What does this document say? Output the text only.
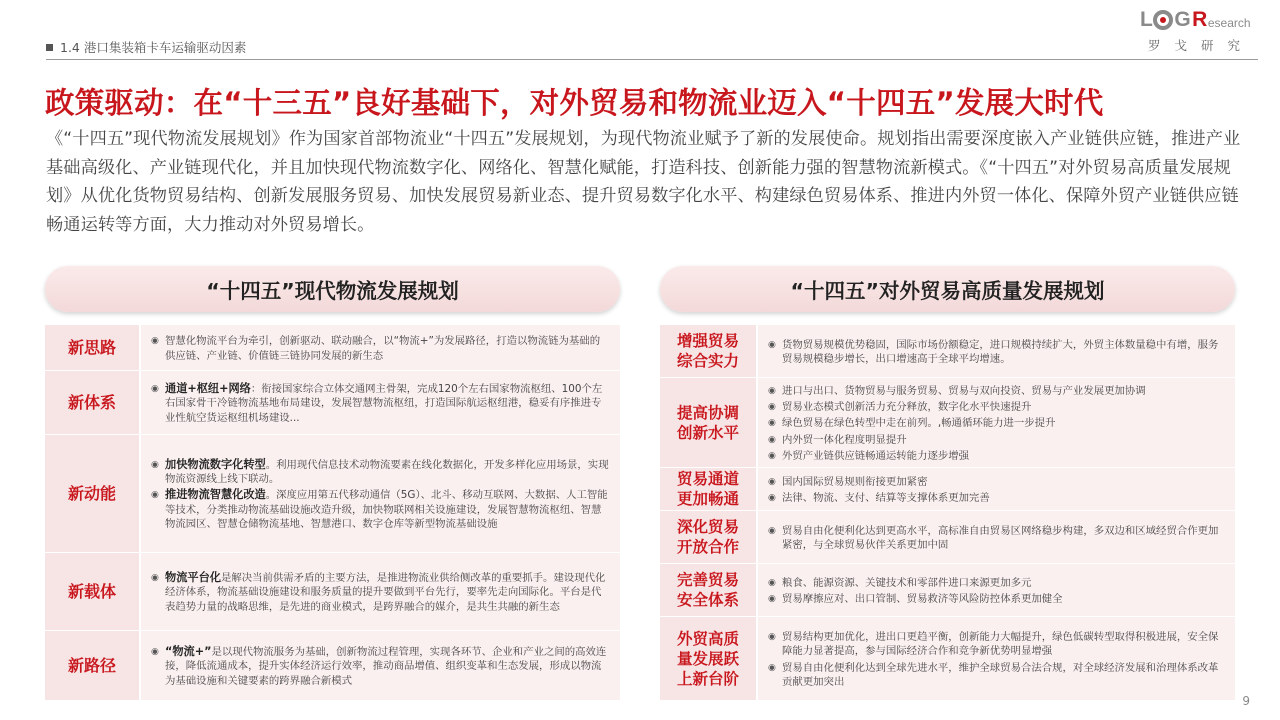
1.4 港口集装箱卡车运输驱动因素
L G R esearch
罗戈研究
政策驱动：在“十三五”良好基础下，对外贸易和物流业迈入“十四五”发展大时代

《“十四五”现代物流发展规划》作为国家首部物流业“十四五”发展规划，为现代物流业赋予了新的发展使命。规划指出需要深度嵌入产业链供应链，推进产业基础高级化、产业链现代化，并且加快现代物流数字化、网络化、智慧化赋能，打造科技、创新能力强的智慧物流新模式。《“十四五”对外贸易高质量发展规划》从优化货物贸易结构、创新发展服务贸易、加快发展贸易新业态、提升贸易数字化水平、构建绿色贸易体系、推进内外贸一体化、保障外贸产业链供应链畅通运转等方面，大力推动对外贸易增长。

“十四五”现代物流发展规划	“十四五”对外贸易高质量发展规划
新思路	◉ 智慧化物流平台为牵引，创新驱动、联动融合，以“物流+”为发展路径，打造以物流链为基础的供应链、产业链、价值链三链协同发展的新生态
新体系
◉ 通道+枢纽+网络：衔接国家综合立体交通网主骨架，完成120个左右国家物流枢纽、100个左右国家骨干冷链物流基地布局建设，发展智慧物流枢纽，打造国际航运枢纽港，稳妥有序推进专业性航空货运枢纽机场建设...
新动能
◉ 加快物流数字化转型。利用现代信息技术动物流要素在线化数据化，开发多样化应用场景，实现物流资源线上线下联动。
◉ 推进物流智慧化改造。深度应用第五代移动通信（5G）、北斗、移动互联网、大数据、人工智能等技术，分类推动物流基础设施改造升级，加快物联网相关设施建设，发展智慧物流枢纽、智慧物流园区、智慧仓储物流基地、智慧港口、数字仓库等新型物流基础设施
新载体
◉ 物流平台化是解决当前供需矛盾的主要方法，是推进物流业供给侧改革的重要抓手。建设现代化经济体系，物流基础设施建设和服务质量的提升要做到平台先行，要率先走向国际化。平台是代表趋势力量的战略思维，是先进的商业模式，是跨界融合的媒介，是共生共融的新生态
新路径
◉ “物流+”是以现代物流服务为基础，创新物流过程管理，实现各环节、企业和产业之间的高效连接，降低流通成本，提升实体经济运行效率，推动商品增值、组织变革和生态发展，形成以物流为基础设施和关键要素的跨界融合新模式
增强贸易综合实力
◉ 货物贸易规模优势稳固，国际市场份额稳定，进口规模持续扩大，外贸主体数量稳中有增，服务贸易规模稳步增长，出口增速高于全球平均增速。
提高协调创新水平
◉ 进口与出口、货物贸易与服务贸易、贸易与双向投资、贸易与产业发展更加协调
◉ 贸易业态模式创新活力充分释放，数字化水平快速提升
◉ 绿色贸易在绿色转型中走在前列。,畅通循环能力进一步提升
◉ 内外贸一体化程度明显提升
◉ 外贸产业链供应链畅通运转能力逐步增强
贸易通道更加畅通
◉ 国内国际贸易规则衔接更加紧密
◉ 法律、物流、支付、结算等支撑体系更加完善
深化贸易开放合作
◉ 贸易自由化便利化达到更高水平，高标准自由贸易区网络稳步构建，多双边和区域经贸合作更加紧密，与全球贸易伙伴关系更加中固
完善贸易安全体系
◉ 粮食、能源资源、关键技术和零部件进口来源更加多元
◉ 贸易摩擦应对、出口管制、贸易救济等风险防控体系更加健全
外贸高质量发展跃上新台阶
◉ 贸易结构更加优化，进出口更趋平衡，创新能力大幅提升，绿色低碳转型取得积极进展，安全保障能力显著提高，参与国际经济合作和竞争新优势明显增强
◉ 贸易自由化便利化达到全球先进水平，维护全球贸易合法合规，对全球经济发展和治理体系改革贡献更加突出
9
